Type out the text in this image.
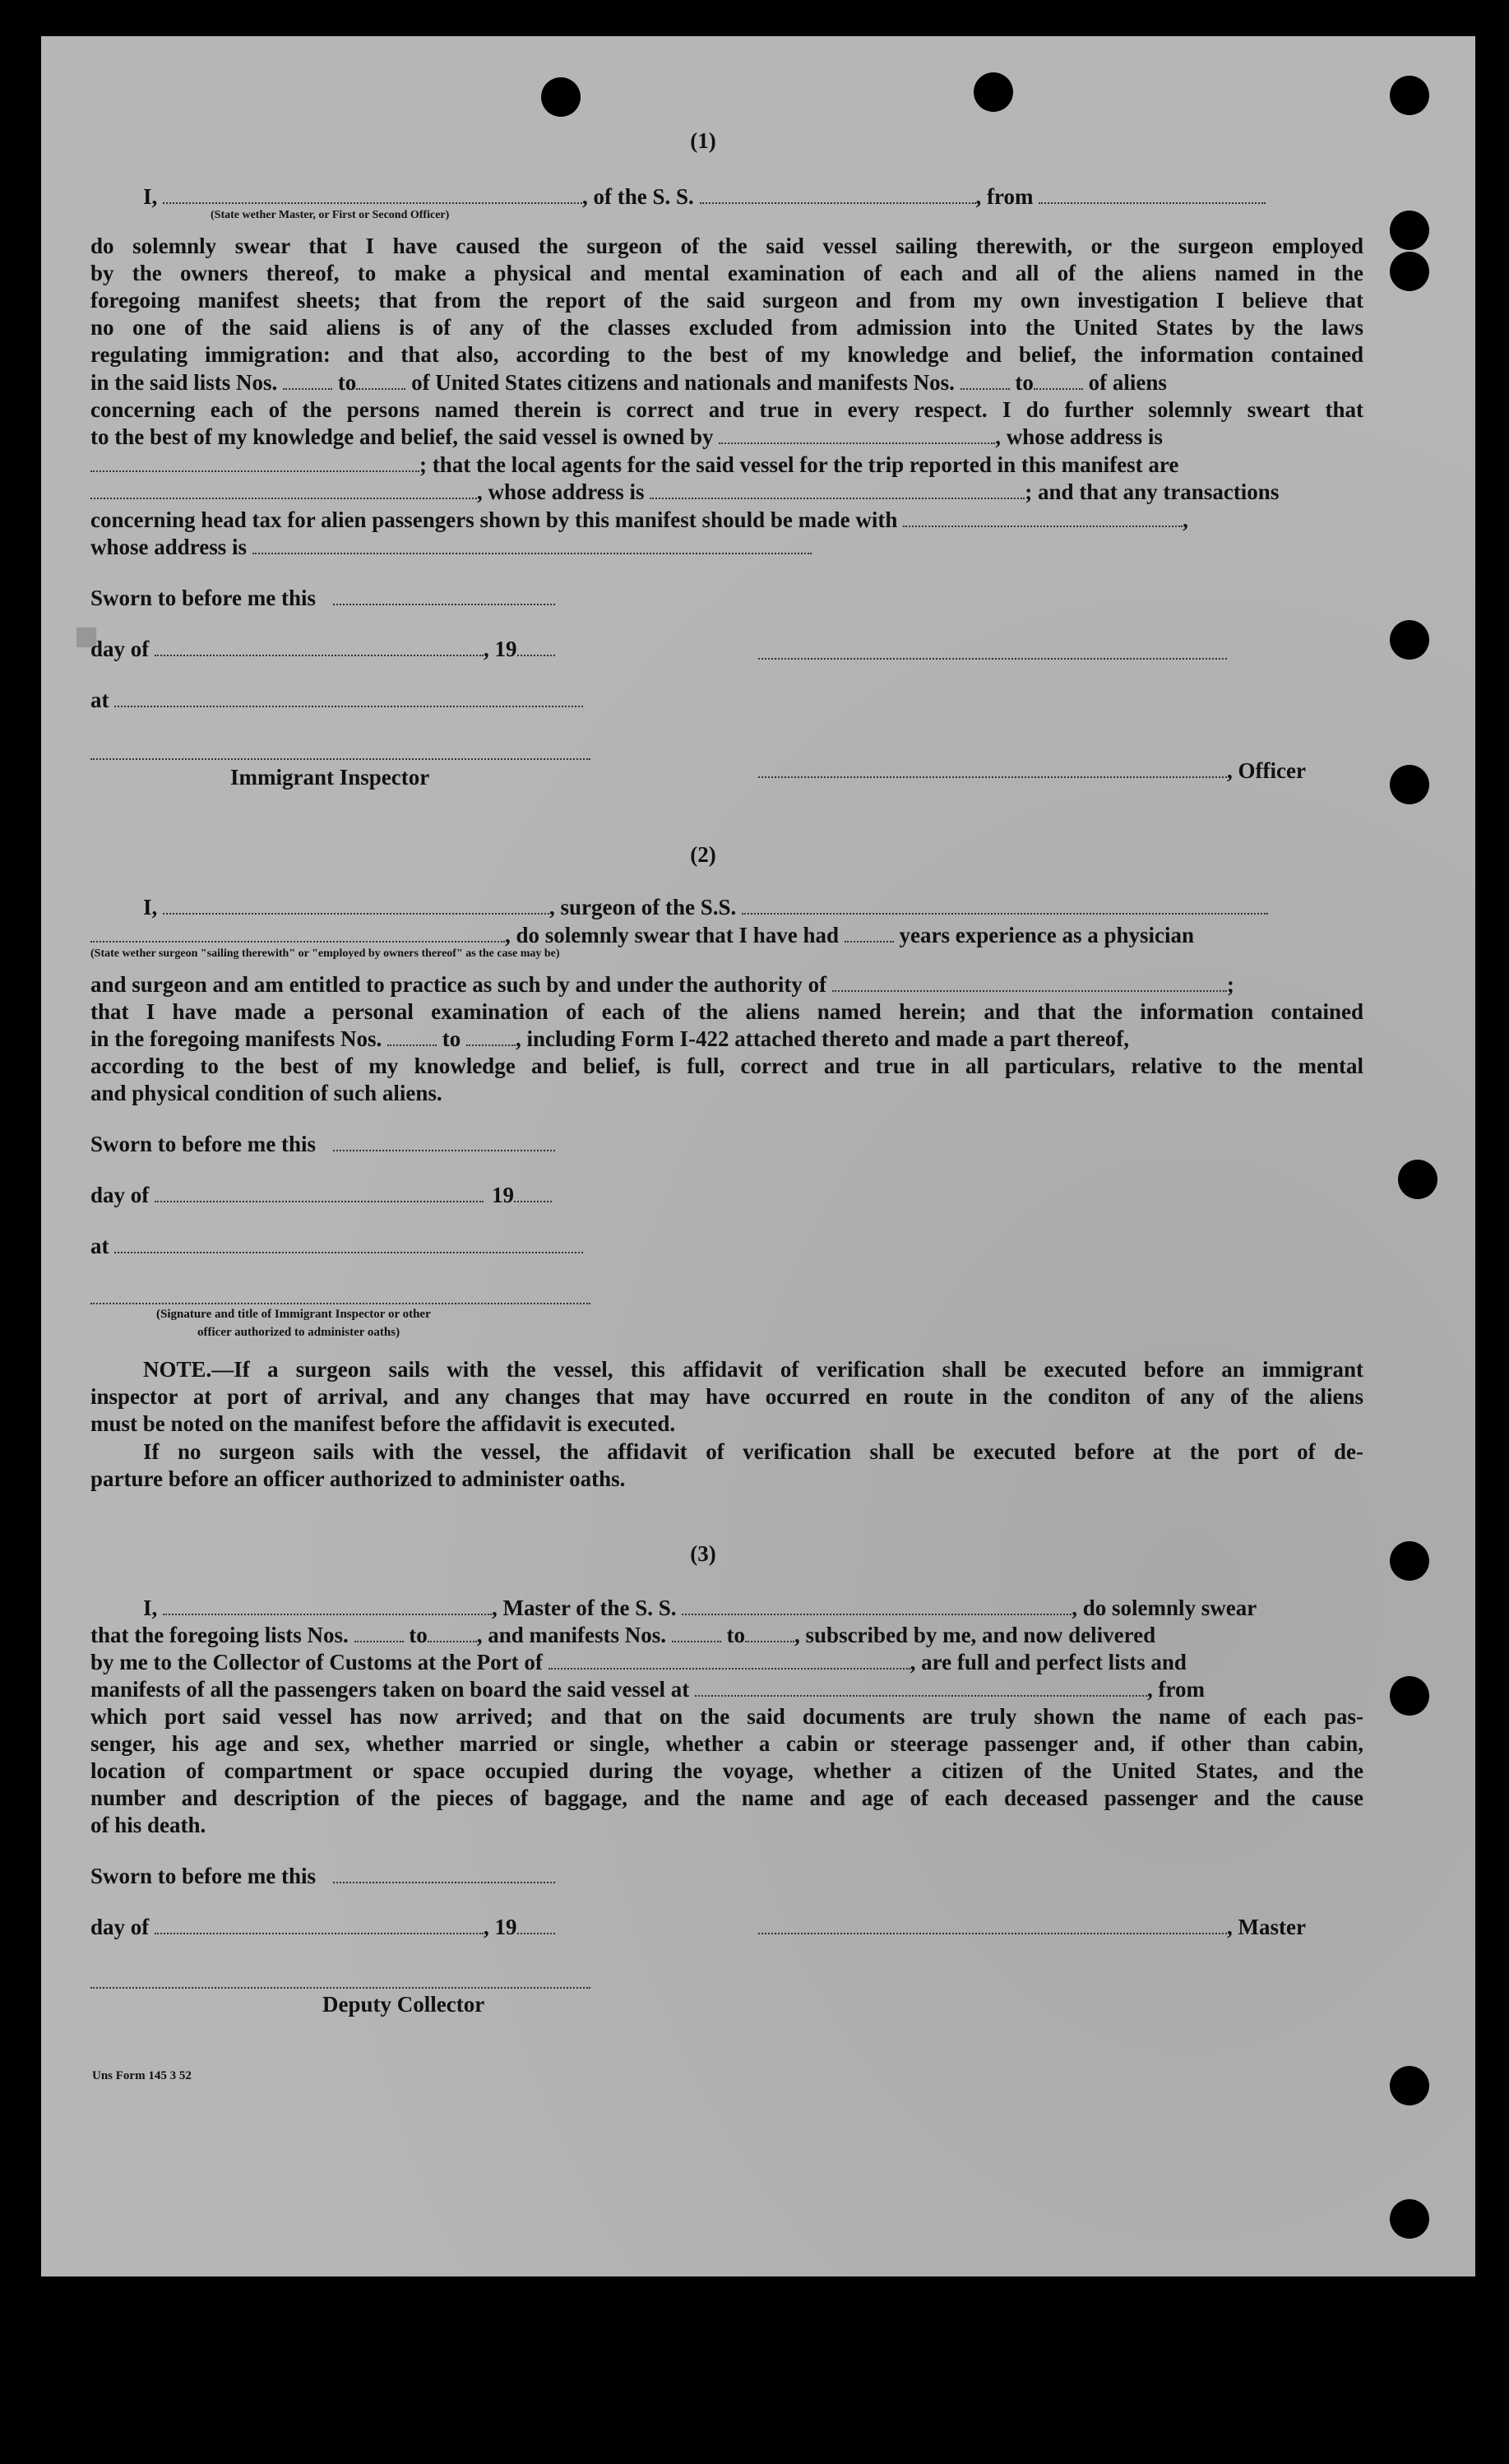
■
(1)
I,	, of the S. S.	, from
(State wether Master, or First or Second Officer)
do solemnly swear that I have caused the surgeon of the said vessel sailing therewith, or the surgeon employed
by the owners thereof, to make a physical and mental examination of each and all of the aliens named in the
foregoing manifest sheets; that from the report of the said surgeon and from my own investigation I believe that
no one of the said aliens is of any of the classes excluded from admission into the United States by the laws
regulating immigration: and that also, according to the best of my knowledge and belief, the information contained
in the said lists Nos.	to of United States citizens and nationals and manifests Nos.	to of aliens
concerning each of the persons named therein is correct and true in every respect. I do further solemnly sweart that
to the best of my knowledge and belief, the said vessel is owned by	, whose address is
; that the local agents for the said vessel for the trip reported in this manifest are
, whose address is	; and that any transactions
concerning head tax for alien passengers shown by this manifest should be made with	,
whose address is
Sworn to before me this
day of	, 19
at
Immigrant Inspector	, Officer
(2)
I,	, surgeon of the S.S.
, do solemnly swear that I have had	years experience as a physician
(State wether surgeon "sailing therewith" or "employed by owners thereof" as the case may be)
and surgeon and am entitled to practice as such by and under the authority of	;
that I have made a personal examination of each of the aliens named herein; and that the information contained
in the foregoing manifests Nos.	to , including Form I-422 attached thereto and made a part thereof,
according to the best of my knowledge and belief, is full, correct and true in all particulars, relative to the mental
and physical condition of such aliens.
Sworn to before me this
day of	19
at
(Signature and title of Immigrant Inspector or other
officer authorized to administer oaths)
NOTE.—If a surgeon sails with the vessel, this affidavit of verification shall be executed before an immigrant
inspector at port of arrival, and any changes that may have occurred en route in the conditon of any of the aliens
must be noted on the manifest before the affidavit is executed.
If no surgeon sails with the vessel, the affidavit of verification shall be executed before at the port of de-
parture before an officer authorized to administer oaths.
(3)
I,	, Master of the S. S.	, do solemnly swear
that the foregoing lists Nos.	to , and manifests Nos.	to , subscribed by me, and now delivered
by me to the Collector of Customs at the Port of	, are full and perfect lists and
manifests of all the passengers taken on board the said vessel at	, from
which port said vessel has now arrived; and that on the said documents are truly shown the name of each pas-
senger, his age and sex, whether married or single, whether a cabin or steerage passenger and, if other than cabin,
location of compartment or space occupied during the voyage, whether a citizen of the United States, and the
number and description of the pieces of baggage, and the name and age of each deceased passenger and the cause
of his death.
Sworn to before me this
day of	, 19	, Master
Deputy Collector
Uns Form 145 3 52
